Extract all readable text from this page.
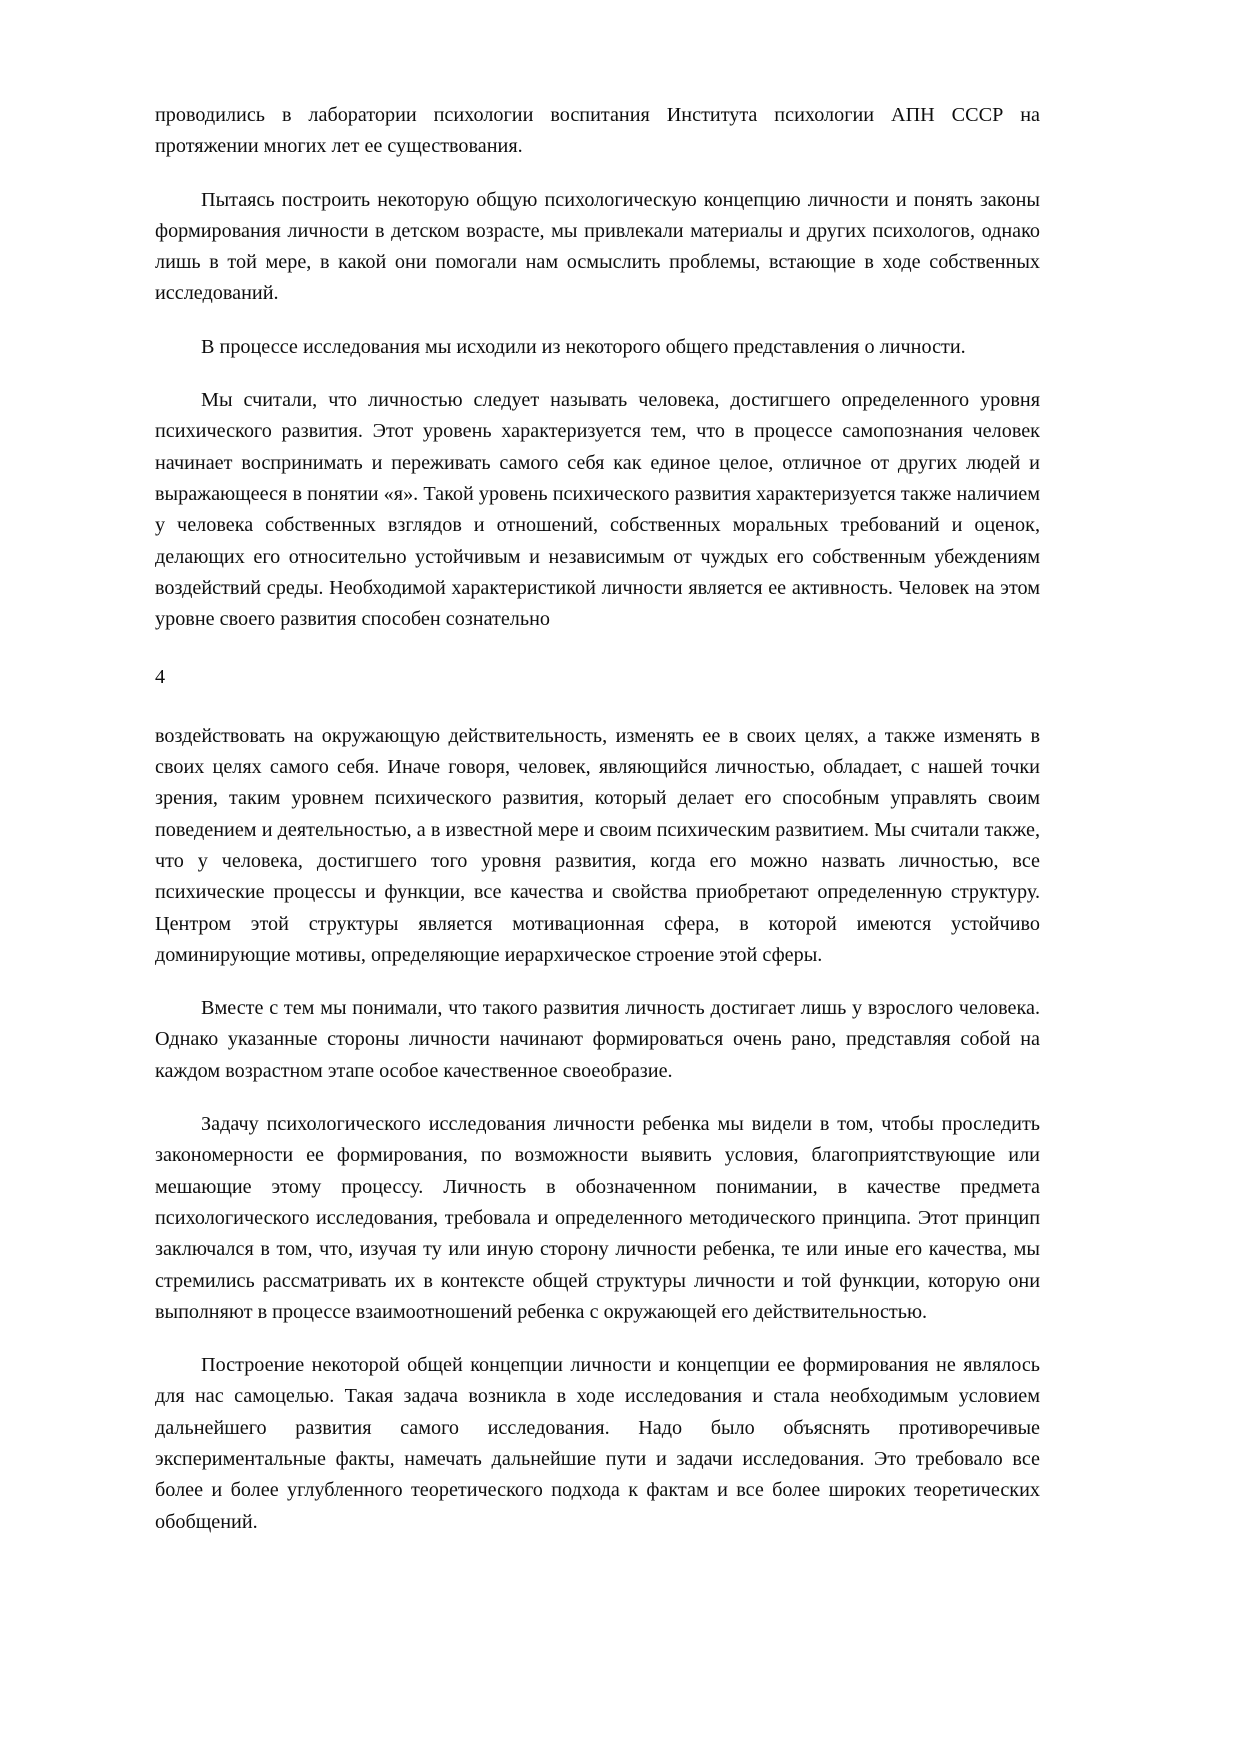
проводились в лаборатории психологии воспитания Института психологии АПН СССР на протяжении многих лет ее существования.

Пытаясь построить некоторую общую психологическую концепцию личности и понять законы формирования личности в детском возрасте, мы привлекали материалы и других психологов, однако лишь в той мере, в какой они помогали нам осмыслить проблемы, встающие в ходе собственных исследований.

В процессе исследования мы исходили из некоторого общего представления о личности.

Мы считали, что личностью следует называть человека, достигшего определенного уровня психического развития. Этот уровень характеризуется тем, что в процессе самопознания человек начинает воспринимать и переживать самого себя как единое целое, отличное от других людей и выражающееся в понятии «я». Такой уровень психического развития характеризуется также наличием у человека собственных взглядов и отношений, собственных моральных требований и оценок, делающих его относительно устойчивым и независимым от чуждых его собственным убеждениям воздействий среды. Необходимой характеристикой личности является ее активность. Человек на этом уровне своего развития способен сознательно

4

воздействовать на окружающую действительность, изменять ее в своих целях, а также изменять в своих целях самого себя. Иначе говоря, человек, являющийся личностью, обладает, с нашей точки зрения, таким уровнем психического развития, который делает его способным управлять своим поведением и деятельностью, а в известной мере и своим психическим развитием. Мы считали также, что у человека, достигшего того уровня развития, когда его можно назвать личностью, все психические процессы и функции, все качества и свойства приобретают определенную структуру. Центром этой структуры является мотивационная сфера, в которой имеются устойчиво доминирующие мотивы, определяющие иерархическое строение этой сферы.

Вместе с тем мы понимали, что такого развития личность достигает лишь у взрослого человека. Однако указанные стороны личности начинают формироваться очень рано, представляя собой на каждом возрастном этапе особое качественное своеобразие.

Задачу психологического исследования личности ребенка мы видели в том, чтобы проследить закономерности ее формирования, по возможности выявить условия, благоприятствующие или мешающие этому процессу. Личность в обозначенном понимании, в качестве предмета психологического исследования, требовала и определенного методического принципа. Этот принцип заключался в том, что, изучая ту или иную сторону личности ребенка, те или иные его качества, мы стремились рассматривать их в контексте общей структуры личности и той функции, которую они выполняют в процессе взаимоотношений ребенка с окружающей его действительностью.

Построение некоторой общей концепции личности и концепции ее формирования не являлось для нас самоцелью. Такая задача возникла в ходе исследования и стала необходимым условием дальнейшего развития самого исследования. Надо было объяснять противоречивые экспериментальные факты, намечать дальнейшие пути и задачи исследования. Это требовало все более и более углубленного теоретического подхода к фактам и все более широких теоретических обобщений.
